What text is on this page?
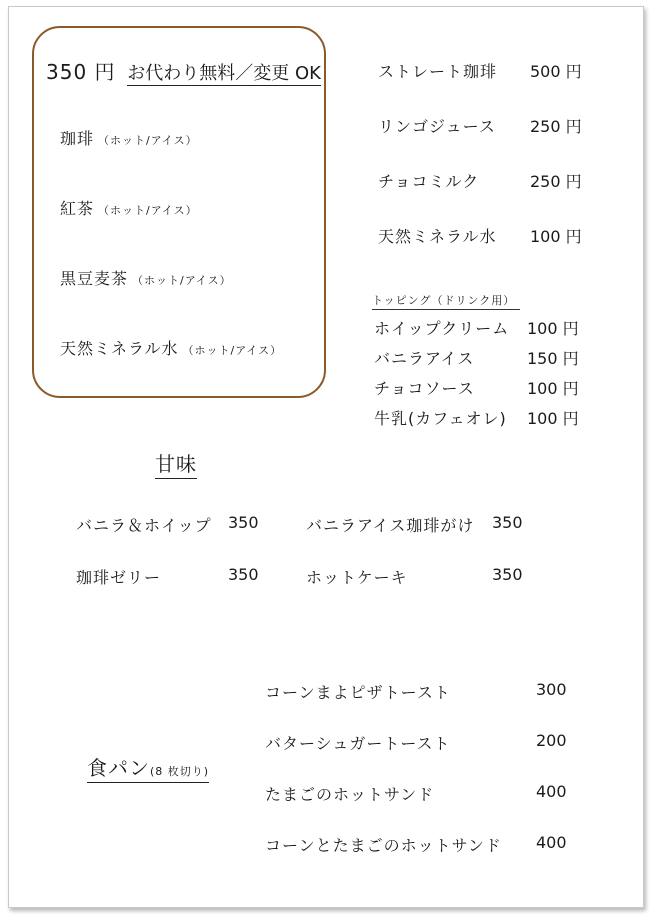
350 円 お代わり無料／変更 OK
珈琲 （ホット/アイス）
紅茶 （ホット/アイス）
黒豆麦茶 （ホット/アイス）
天然ミネラル水 （ホット/アイス）
ストレート珈琲 500 円
リンゴジュース 250 円
チョコミルク	250 円
天然ミネラル水 100 円
トッピング（ドリンク用）
ホイップクリーム 100 円
バニラアイス	150 円
チョコソース	100 円
牛乳(カフェオレ) 100 円
甘味
バニラ＆ホイップ 350	バニラアイス珈琲がけ 350
珈琲ゼリー	350	ホットケーキ	350
食パン(8 枚切り)
コーンまよピザトースト	300
バターシュガートースト	200
たまごのホットサンド	400
コーンとたまごのホットサンド 400
